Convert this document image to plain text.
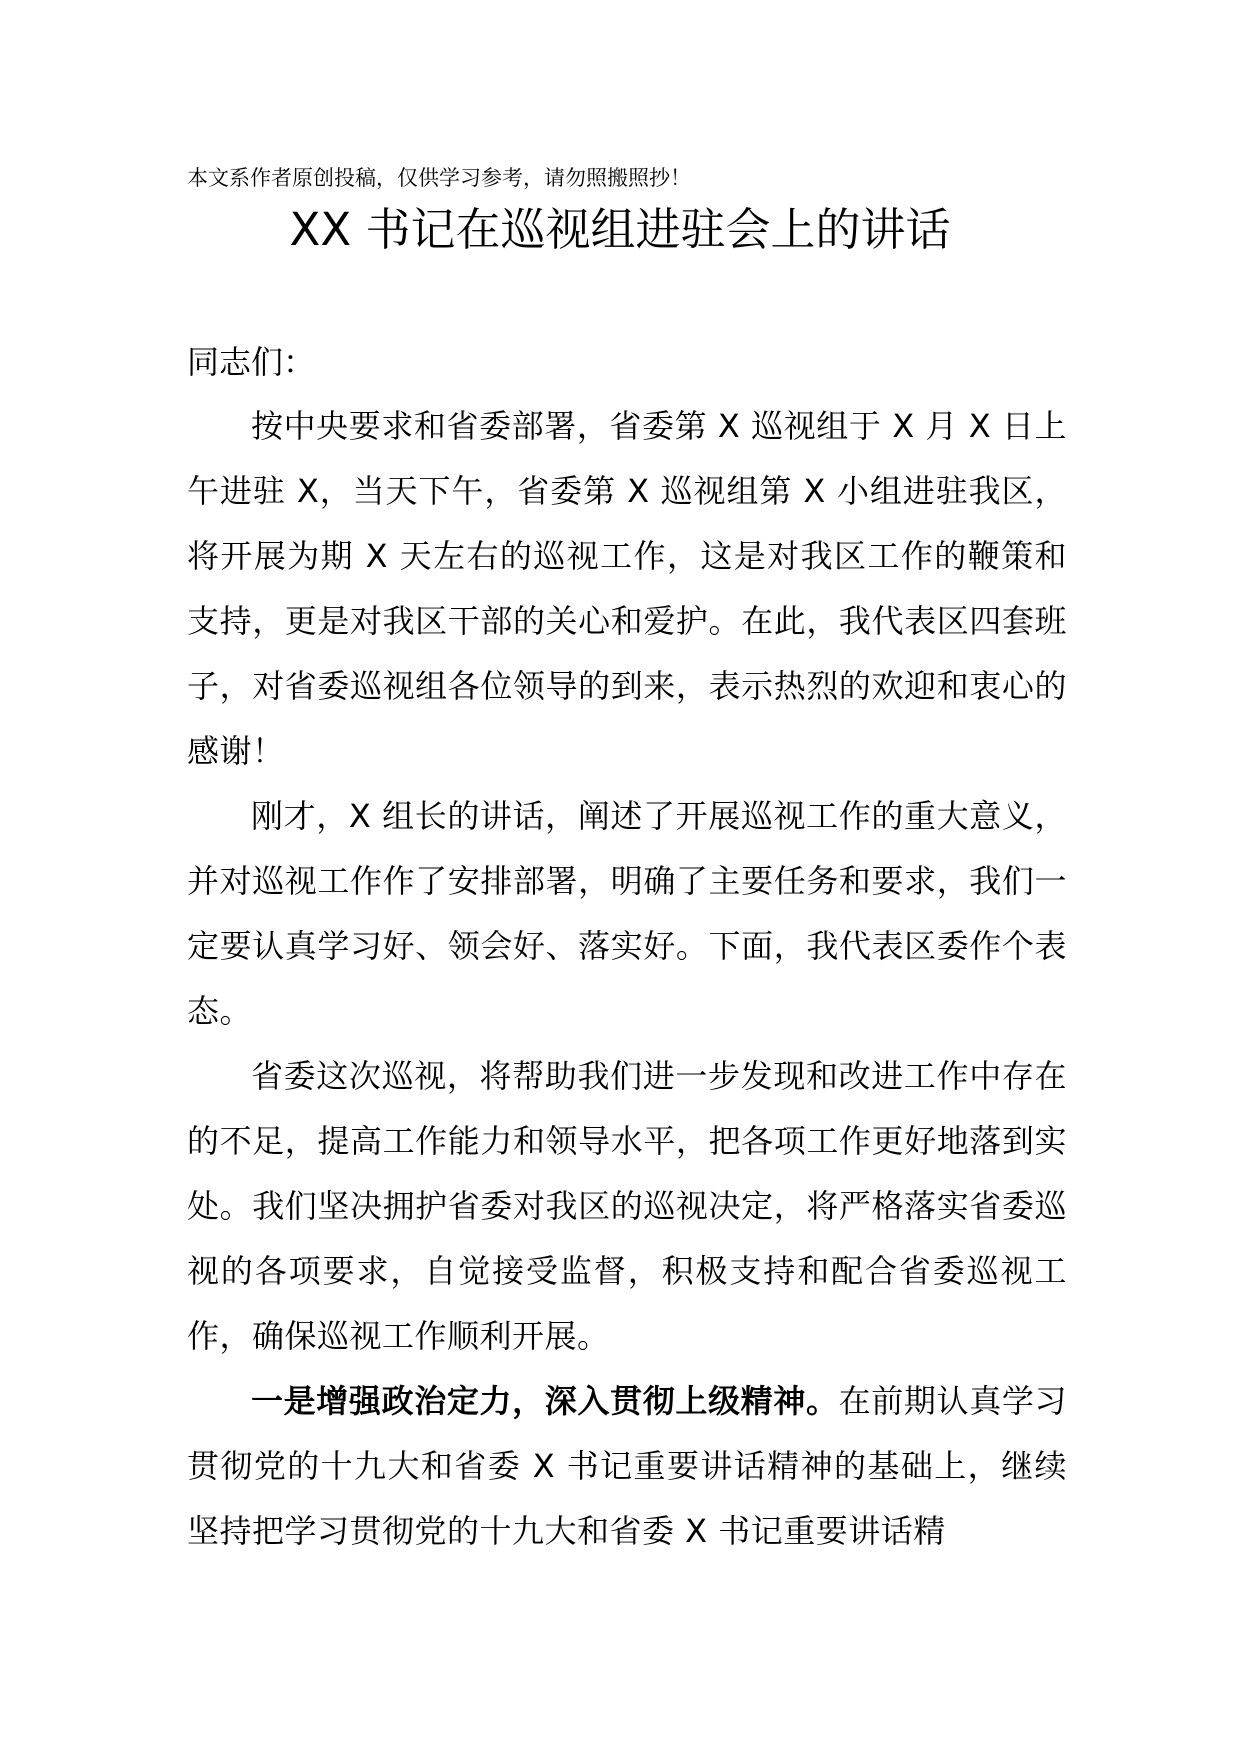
本文系作者原创投稿，仅供学习参考，请勿照搬照抄！
XX 书记在巡视组进驻会上的讲话

同志们：

按中央要求和省委部署，省委第 X 巡视组于 X 月 X 日上午进驻 X，当天下午，省委第 X 巡视组第 X 小组进驻我区，将开展为期 X 天左右的巡视工作，这是对我区工作的鞭策和支持，更是对我区干部的关心和爱护。在此，我代表区四套班子，对省委巡视组各位领导的到来，表示热烈的欢迎和衷心的感谢！

刚才，X 组长的讲话，阐述了开展巡视工作的重大意义，并对巡视工作作了安排部署，明确了主要任务和要求，我们一定要认真学习好、领会好、落实好。下面，我代表区委作个表态。

省委这次巡视，将帮助我们进一步发现和改进工作中存在的不足，提高工作能力和领导水平，把各项工作更好地落到实处。我们坚决拥护省委对我区的巡视决定，将严格落实省委巡视的各项要求，自觉接受监督，积极支持和配合省委巡视工作，确保巡视工作顺利开展。

一是增强政治定力，深入贯彻上级精神。在前期认真学习贯彻党的十九大和省委 X 书记重要讲话精神的基础上，继续坚持把学习贯彻党的十九大和省委 X 书记重要讲话精
